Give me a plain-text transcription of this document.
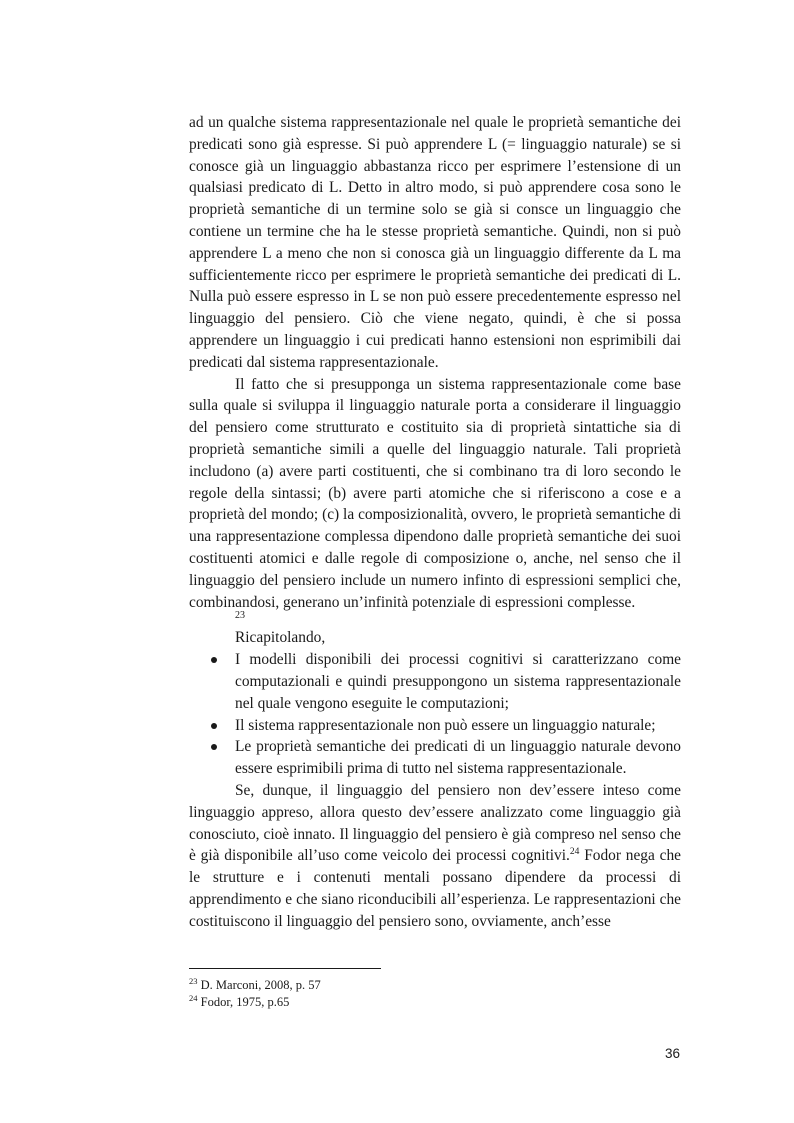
ad un qualche sistema rappresentazionale nel quale le proprietà semantiche dei predicati sono già espresse. Si può apprendere L (= linguaggio naturale) se si conosce già un linguaggio abbastanza ricco per esprimere l’estensione di un qualsiasi predicato di L. Detto in altro modo, si può apprendere cosa sono le proprietà semantiche di un termine solo se già si consce un linguaggio che contiene un termine che ha le stesse proprietà semantiche. Quindi, non si può apprendere L a meno che non si conosca già un linguaggio differente da L ma sufficientemente ricco per esprimere le proprietà semantiche dei predicati di L. Nulla può essere espresso in L se non può essere precedentemente espresso nel linguaggio del pensiero. Ciò che viene negato, quindi, è che si possa apprendere un linguaggio i cui predicati hanno estensioni non esprimibili dai predicati dal sistema rappresentazionale.

Il fatto che si presupponga un sistema rappresentazionale come base sulla quale si sviluppa il linguaggio naturale porta a considerare il linguaggio del pensiero come strutturato e costituito sia di proprietà sintattiche sia di proprietà semantiche simili a quelle del linguaggio naturale. Tali proprietà includono (a) avere parti costituenti, che si combinano tra di loro secondo le regole della sintassi; (b) avere parti atomiche che si riferiscono a cose e a proprietà del mondo; (c) la composizionalità, ovvero, le proprietà semantiche di una rappresentazione complessa dipendono dalle proprietà semantiche dei suoi costituenti atomici e dalle regole di composizione o, anche, nel senso che il linguaggio del pensiero include un numero infinto di espressioni semplici che, combinandosi, generano un’infinità potenziale di espressioni complesse.
23

Ricapitolando,

I modelli disponibili dei processi cognitivi si caratterizzano come computazionali e quindi presuppongono un sistema rappresentazionale nel quale vengono eseguite le computazioni;
Il sistema rappresentazionale non può essere un linguaggio naturale;
Le proprietà semantiche dei predicati di un linguaggio naturale devono essere esprimibili prima di tutto nel sistema rappresentazionale.

Se, dunque, il linguaggio del pensiero non dev’essere inteso come linguaggio appreso, allora questo dev’essere analizzato come linguaggio già conosciuto, cioè innato. Il linguaggio del pensiero è già compreso nel senso che è già disponibile all’uso come veicolo dei processi cognitivi.$^{24}$ Fodor nega che le strutture e i contenuti mentali possano dipendere da processi di apprendimento e che siano riconducibili all’esperienza. Le rappresentazioni che costituiscono il linguaggio del pensiero sono, ovviamente, anch’esse

$^{23}$ D. Marconi, 2008, p. 57
$^{24}$ Fodor, 1975, p.65
36
